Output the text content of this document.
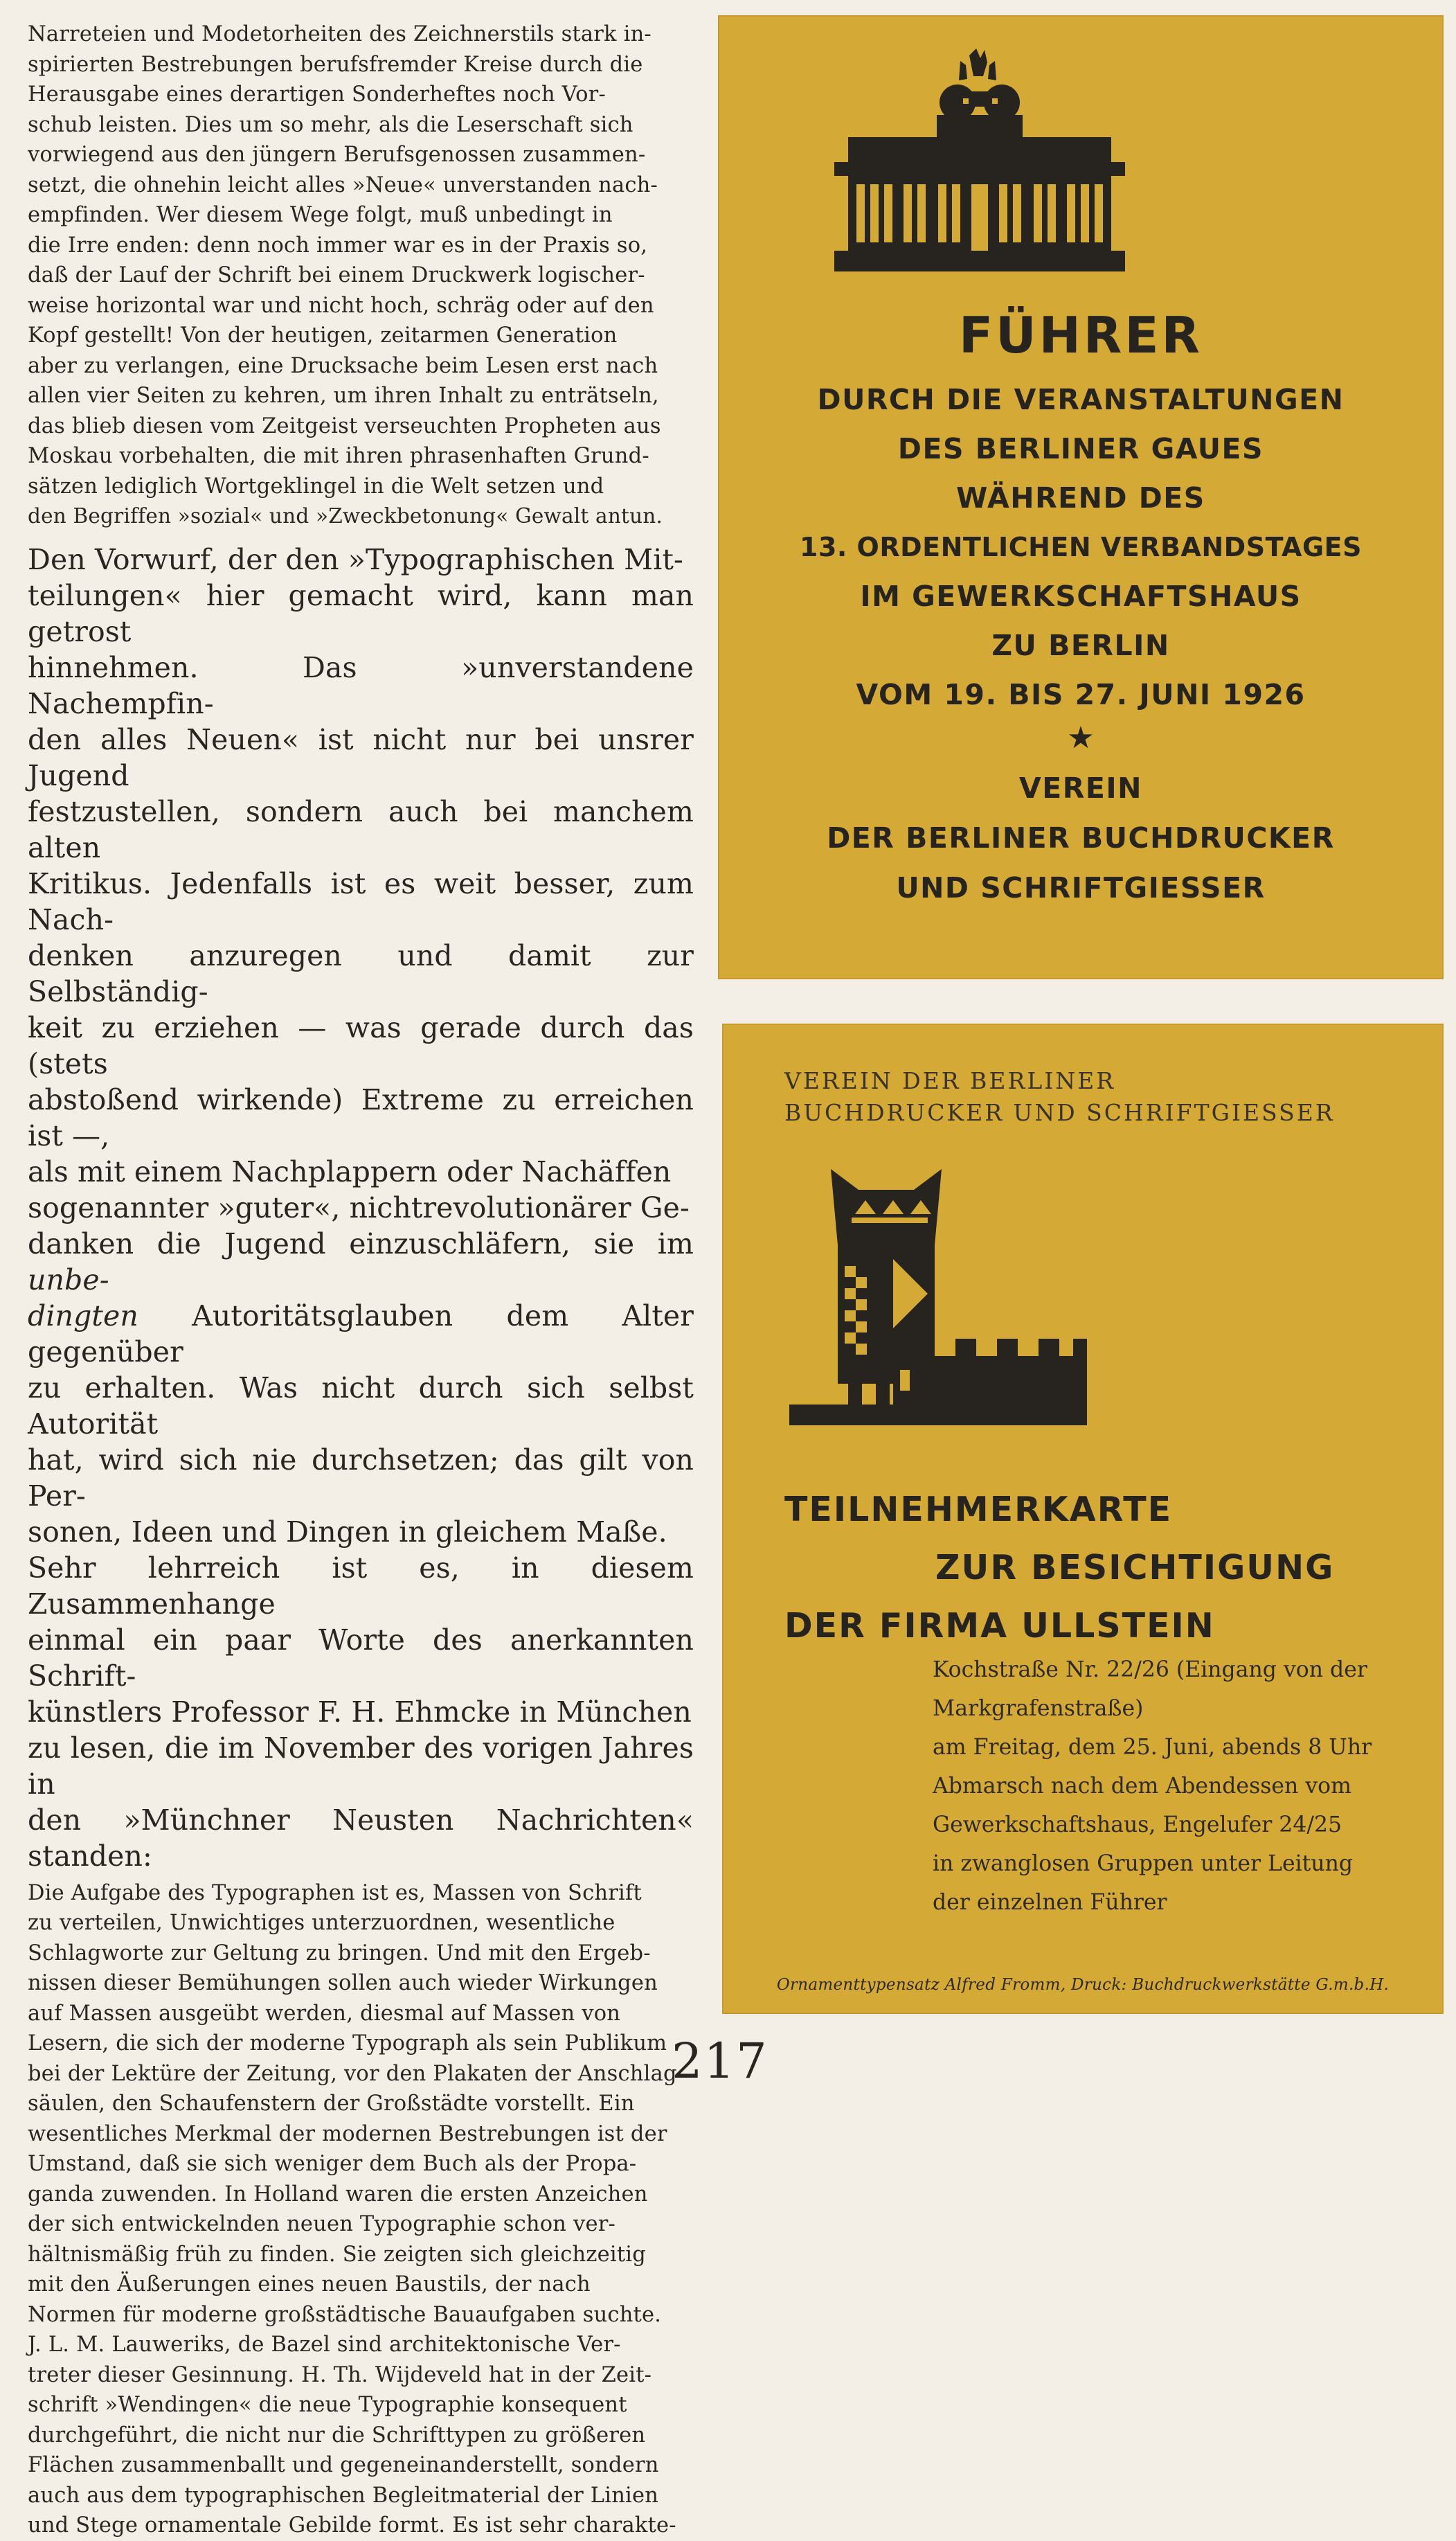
Narreteien und Modetorheiten des Zeichnerstils stark in-

spirierten Bestrebungen berufsfremder Kreise durch die

Herausgabe eines derartigen Sonderheftes noch Vor-

schub leisten. Dies um so mehr, als die Leserschaft sich

vorwiegend aus den jüngern Berufsgenossen zusammen-

setzt, die ohnehin leicht alles »Neue« unverstanden nach-

empfinden. Wer diesem Wege folgt, muß unbedingt in

die Irre enden: denn noch immer war es in der Praxis so,

daß der Lauf der Schrift bei einem Druckwerk logischer-

weise horizontal war und nicht hoch, schräg oder auf den

Kopf gestellt! Von der heutigen, zeitarmen Generation

aber zu verlangen, eine Drucksache beim Lesen erst nach

allen vier Seiten zu kehren, um ihren Inhalt zu enträtseln,

das blieb diesen vom Zeitgeist verseuchten Propheten aus

Moskau vorbehalten, die mit ihren phrasenhaften Grund-

sätzen lediglich Wortgeklingel in die Welt setzen und

den Begriffen »sozial« und »Zweckbetonung« Gewalt antun.

Den Vorwurf, der den »Typographischen Mit-

teilungen« hier gemacht wird, kann man getrost

hinnehmen. Das »unverstandene Nachempfin-

den alles Neuen« ist nicht nur bei unsrer Jugend

festzustellen, sondern auch bei manchem alten

Kritikus. Jedenfalls ist es weit besser, zum Nach-

denken anzuregen und damit zur Selbständig-

keit zu erziehen — was gerade durch das (stets

abstoßend wirkende) Extreme zu erreichen ist —,

als mit einem Nachplappern oder Nachäffen

sogenannter »guter«, nichtrevolutionärer Ge-

danken die Jugend einzuschläfern, sie im unbe-

dingten Autoritätsglauben dem Alter gegenüber

zu erhalten. Was nicht durch sich selbst Autorität

hat, wird sich nie durchsetzen; das gilt von Per-

sonen, Ideen und Dingen in gleichem Maße.

Sehr lehrreich ist es, in diesem Zusammenhange

einmal ein paar Worte des anerkannten Schrift-

künstlers Professor F. H. Ehmcke in München

zu lesen, die im November des vorigen Jahres in

den »Münchner Neusten Nachrichten« standen:

Die Aufgabe des Typographen ist es, Massen von Schrift

zu verteilen, Unwichtiges unterzuordnen, wesentliche

Schlagworte zur Geltung zu bringen. Und mit den Ergeb-

nissen dieser Bemühungen sollen auch wieder Wirkungen

auf Massen ausgeübt werden, diesmal auf Massen von

Lesern, die sich der moderne Typograph als sein Publikum

bei der Lektüre der Zeitung, vor den Plakaten der Anschlag-

säulen, den Schaufenstern der Großstädte vorstellt. Ein

wesentliches Merkmal der modernen Bestrebungen ist der

Umstand, daß sie sich weniger dem Buch als der Propa-

ganda zuwenden. In Holland waren die ersten Anzeichen

der sich entwickelnden neuen Typographie schon ver-

hältnismäßig früh zu finden. Sie zeigten sich gleichzeitig

mit den Äußerungen eines neuen Baustils, der nach

Normen für moderne großstädtische Bauaufgaben suchte.

J. L. M. Lauweriks, de Bazel sind architektonische Ver-

treter dieser Gesinnung. H. Th. Wijdeveld hat in der Zeit-

schrift »Wendingen« die neue Typographie konsequent

durchgeführt, die nicht nur die Schrifttypen zu größeren

Flächen zusammenballt und gegeneinanderstellt, sondern

auch aus dem typographischen Begleitmaterial der Linien

und Stege ornamentale Gebilde formt. Es ist sehr charakte-

FÜHRER
DURCH DIE VERANSTALTUNGEN
DES BERLINER GAUES
WÄHREND DES
13. ORDENTLICHEN VERBANDSTAGES
IM GEWERKSCHAFTSHAUS
ZU BERLIN
VOM 19. BIS 27. JUNI 1926
★
VEREIN
DER BERLINER BUCHDRUCKER
UND SCHRIFTGIESSER
VEREIN DER BERLINER
BUCHDRUCKER UND SCHRIFTGIESSER
TEILNEHMERKARTE
ZUR BESICHTIGUNG
DER FIRMA ULLSTEIN
Kochstraße Nr. 22/26 (Eingang von der
Markgrafenstraße)
am Freitag, dem 25. Juni, abends 8 Uhr
Abmarsch nach dem Abendessen vom
Gewerkschaftshaus, Engelufer 24/25
in zwanglosen Gruppen unter Leitung
der einzelnen Führer
Ornamenttypensatz Alfred Fromm, Druck: Buchdruckwerkstätte G.m.b.H.
217
